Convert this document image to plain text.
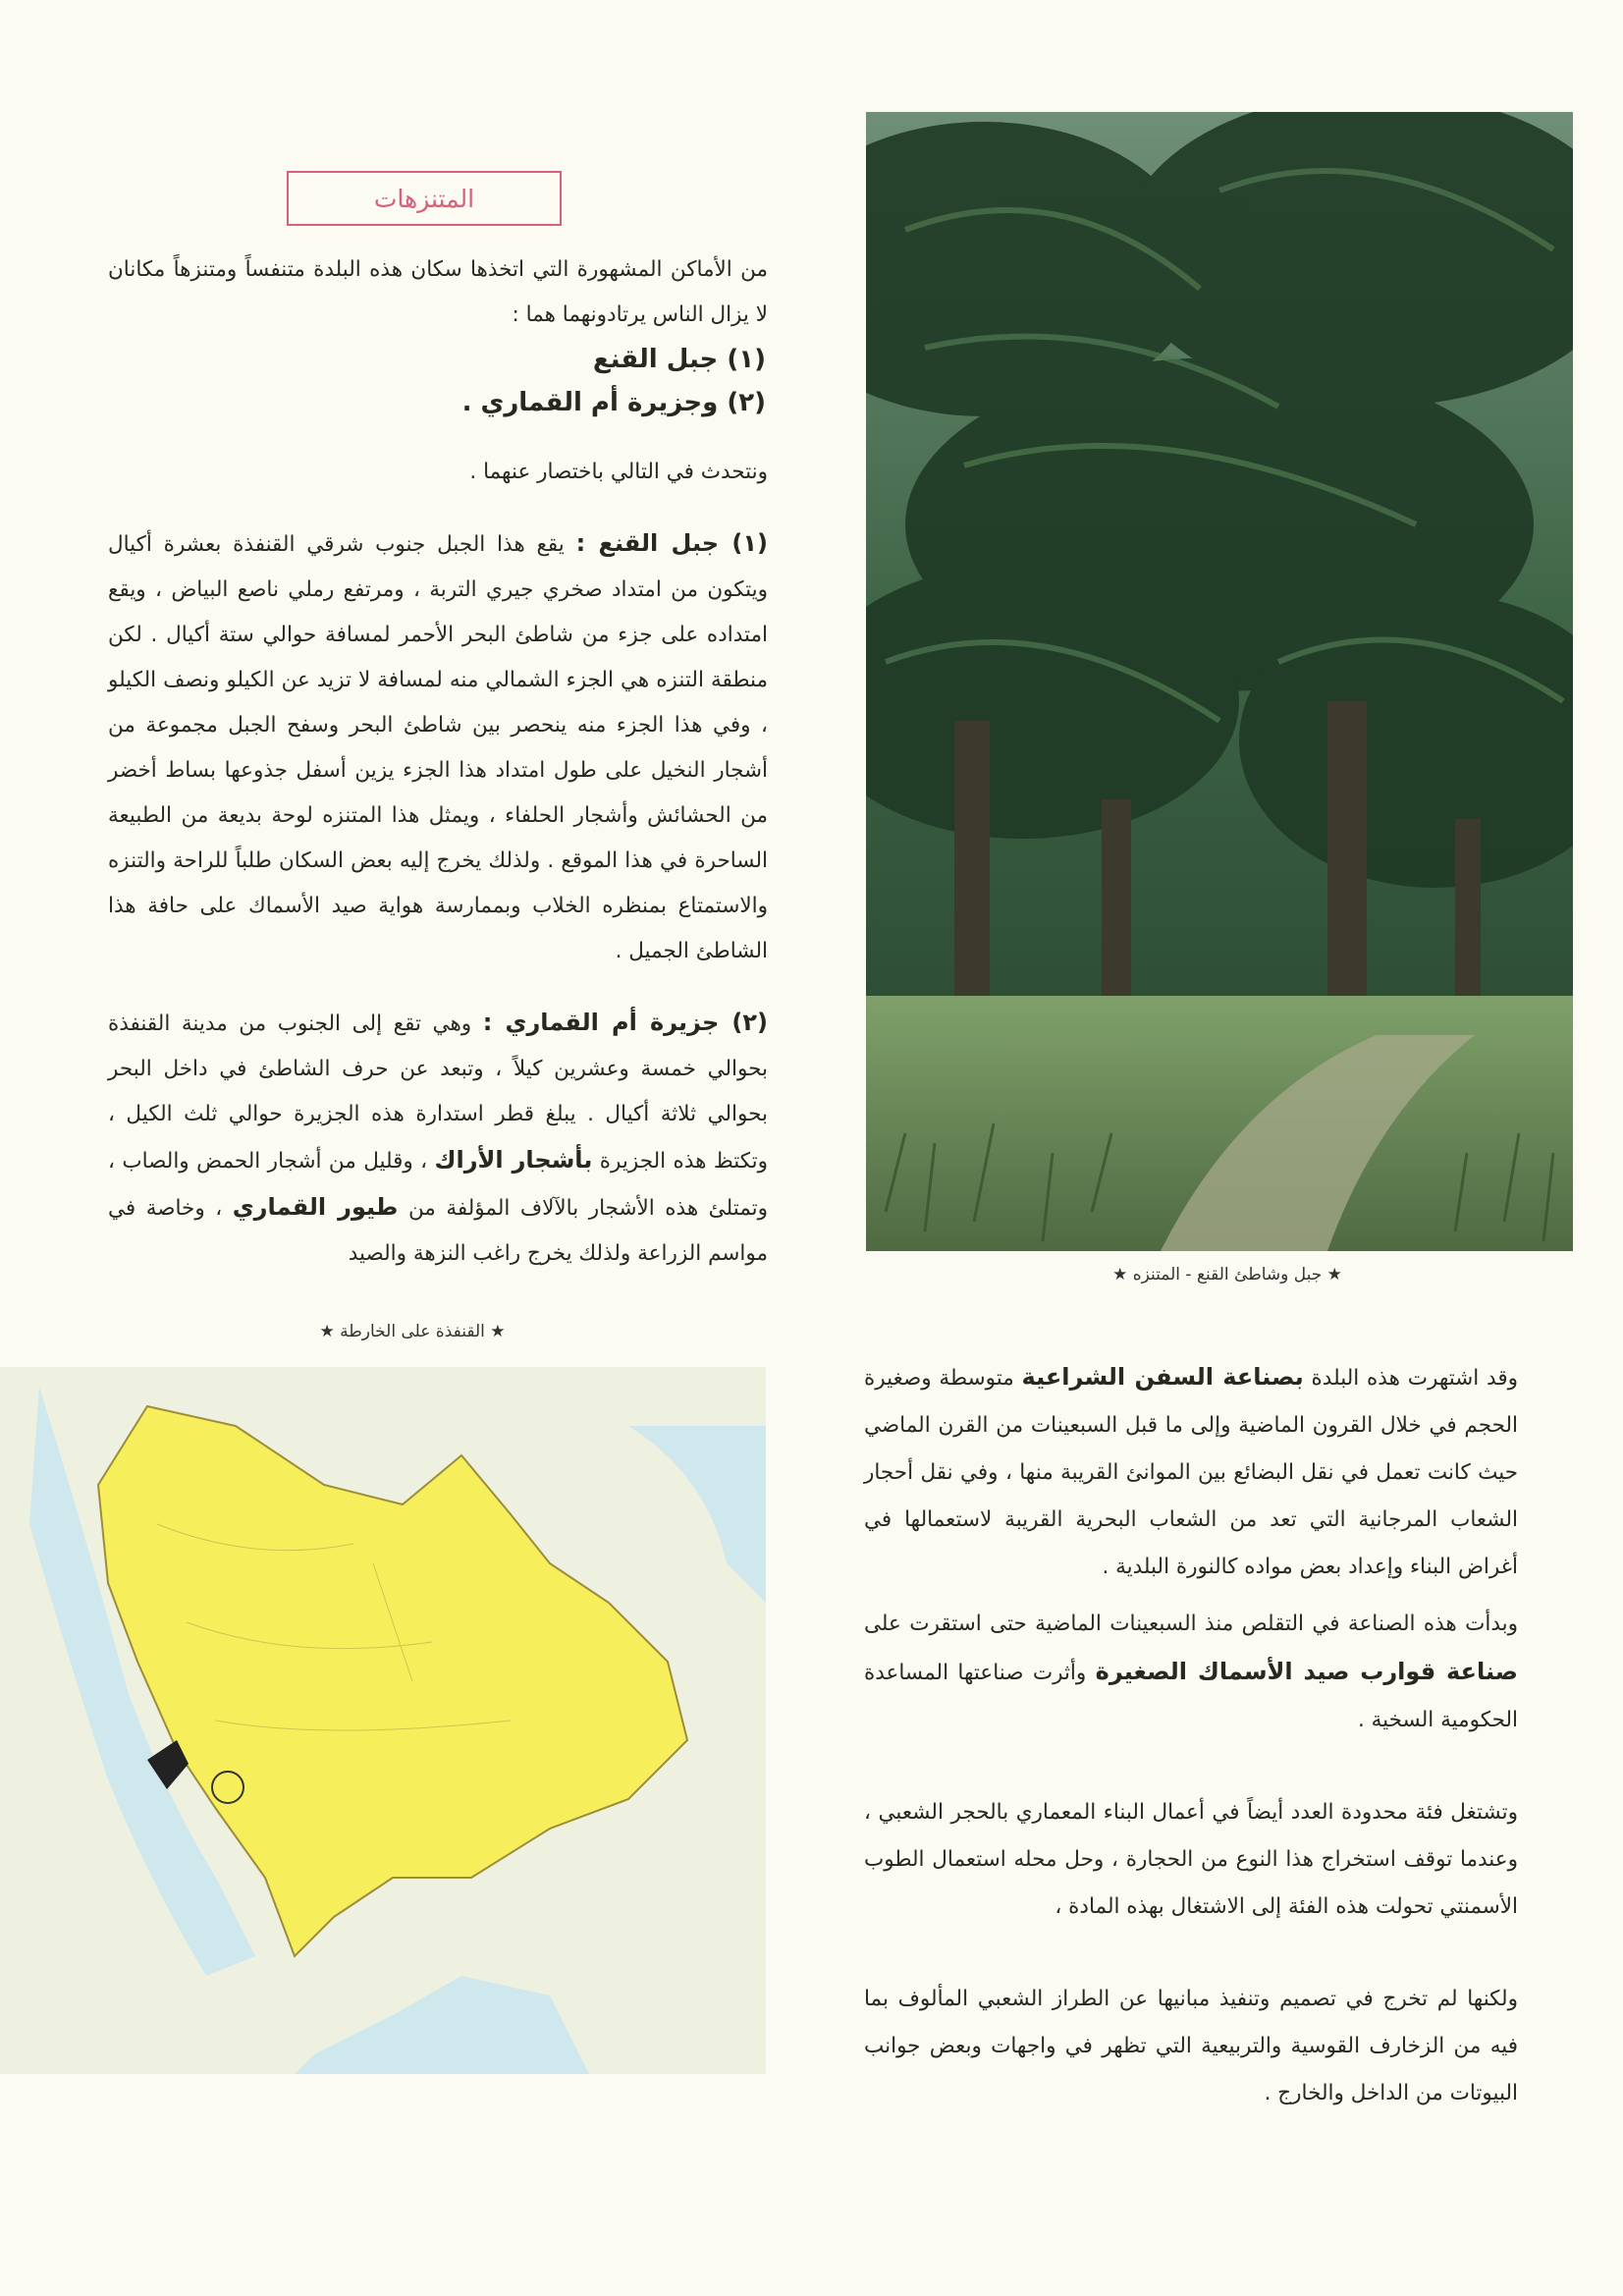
المتنزهات

من الأماكن المشهورة التي اتخذها سكان هذه البلدة متنفساً ومتنزهاً مكانان لا يزال الناس يرتادونهما هما :

(١) جبل القنع

(٢) وجزيرة أم القماري .

ونتحدث في التالي باختصار عنهما .

(١) جبل القنع : يقع هذا الجبل جنوب شرقي القنفذة بعشرة أكيال ويتكون من امتداد صخري جيري التربة ، ومرتفع رملي ناصع البياض ، ويقع امتداده على جزء من شاطئ البحر الأحمر لمسافة حوالي ستة أكيال . لكن منطقة التنزه هي الجزء الشمالي منه لمسافة لا تزيد عن الكيلو ونصف الكيلو ، وفي هذا الجزء منه ينحصر بين شاطئ البحر وسفح الجبل مجموعة من أشجار النخيل على طول امتداد هذا الجزء يزين أسفل جذوعها بساط أخضر من الحشائش وأشجار الحلفاء ، ويمثل هذا المتنزه لوحة بديعة من الطبيعة الساحرة في هذا الموقع . ولذلك يخرج إليه بعض السكان طلباً للراحة والتنزه والاستمتاع بمنظره الخلاب وبممارسة هواية صيد الأسماك على حافة هذا الشاطئ الجميل .

(٢) جزيرة أم القماري : وهي تقع إلى الجنوب من مدينة القنفذة بحوالي خمسة وعشرين كيلاً ، وتبعد عن حرف الشاطئ في داخل البحر بحوالي ثلاثة أكيال . يبلغ قطر استدارة هذه الجزيرة حوالي ثلث الكيل ، وتكتظ هذه الجزيرة بأشجار الأراك ، وقليل من أشجار الحمض والصاب ، وتمتلئ هذه الأشجار بالآلاف المؤلفة من طيور القماري ، وخاصة في مواسم الزراعة ولذلك يخرج راغب النزهة والصيد

★ جبل وشاطئ القنع - المتنزه ★
★ القنفذة على الخارطة ★

وقد اشتهرت هذه البلدة بصناعة السفن الشراعية متوسطة وصغيرة الحجم في خلال القرون الماضية وإلى ما قبل السبعينات من القرن الماضي حيث كانت تعمل في نقل البضائع بين الموانئ القريبة منها ، وفي نقل أحجار الشعاب المرجانية التي تعد من الشعاب البحرية القريبة لاستعمالها في أغراض البناء وإعداد بعض مواده كالنورة البلدية .

وبدأت هذه الصناعة في التقلص منذ السبعينات الماضية حتى استقرت على صناعة قوارب صيد الأسماك الصغيرة وأثرت صناعتها المساعدة الحكومية السخية .

وتشتغل فئة محدودة العدد أيضاً في أعمال البناء المعماري بالحجر الشعبي ، وعندما توقف استخراج هذا النوع من الحجارة ، وحل محله استعمال الطوب الأسمنتي تحولت هذه الفئة إلى الاشتغال بهذه المادة ،

ولكنها لم تخرج في تصميم وتنفيذ مبانيها عن الطراز الشعبي المألوف بما فيه من الزخارف القوسية والتربيعية التي تظهر في واجهات وبعض جوانب البيوتات من الداخل والخارج .
